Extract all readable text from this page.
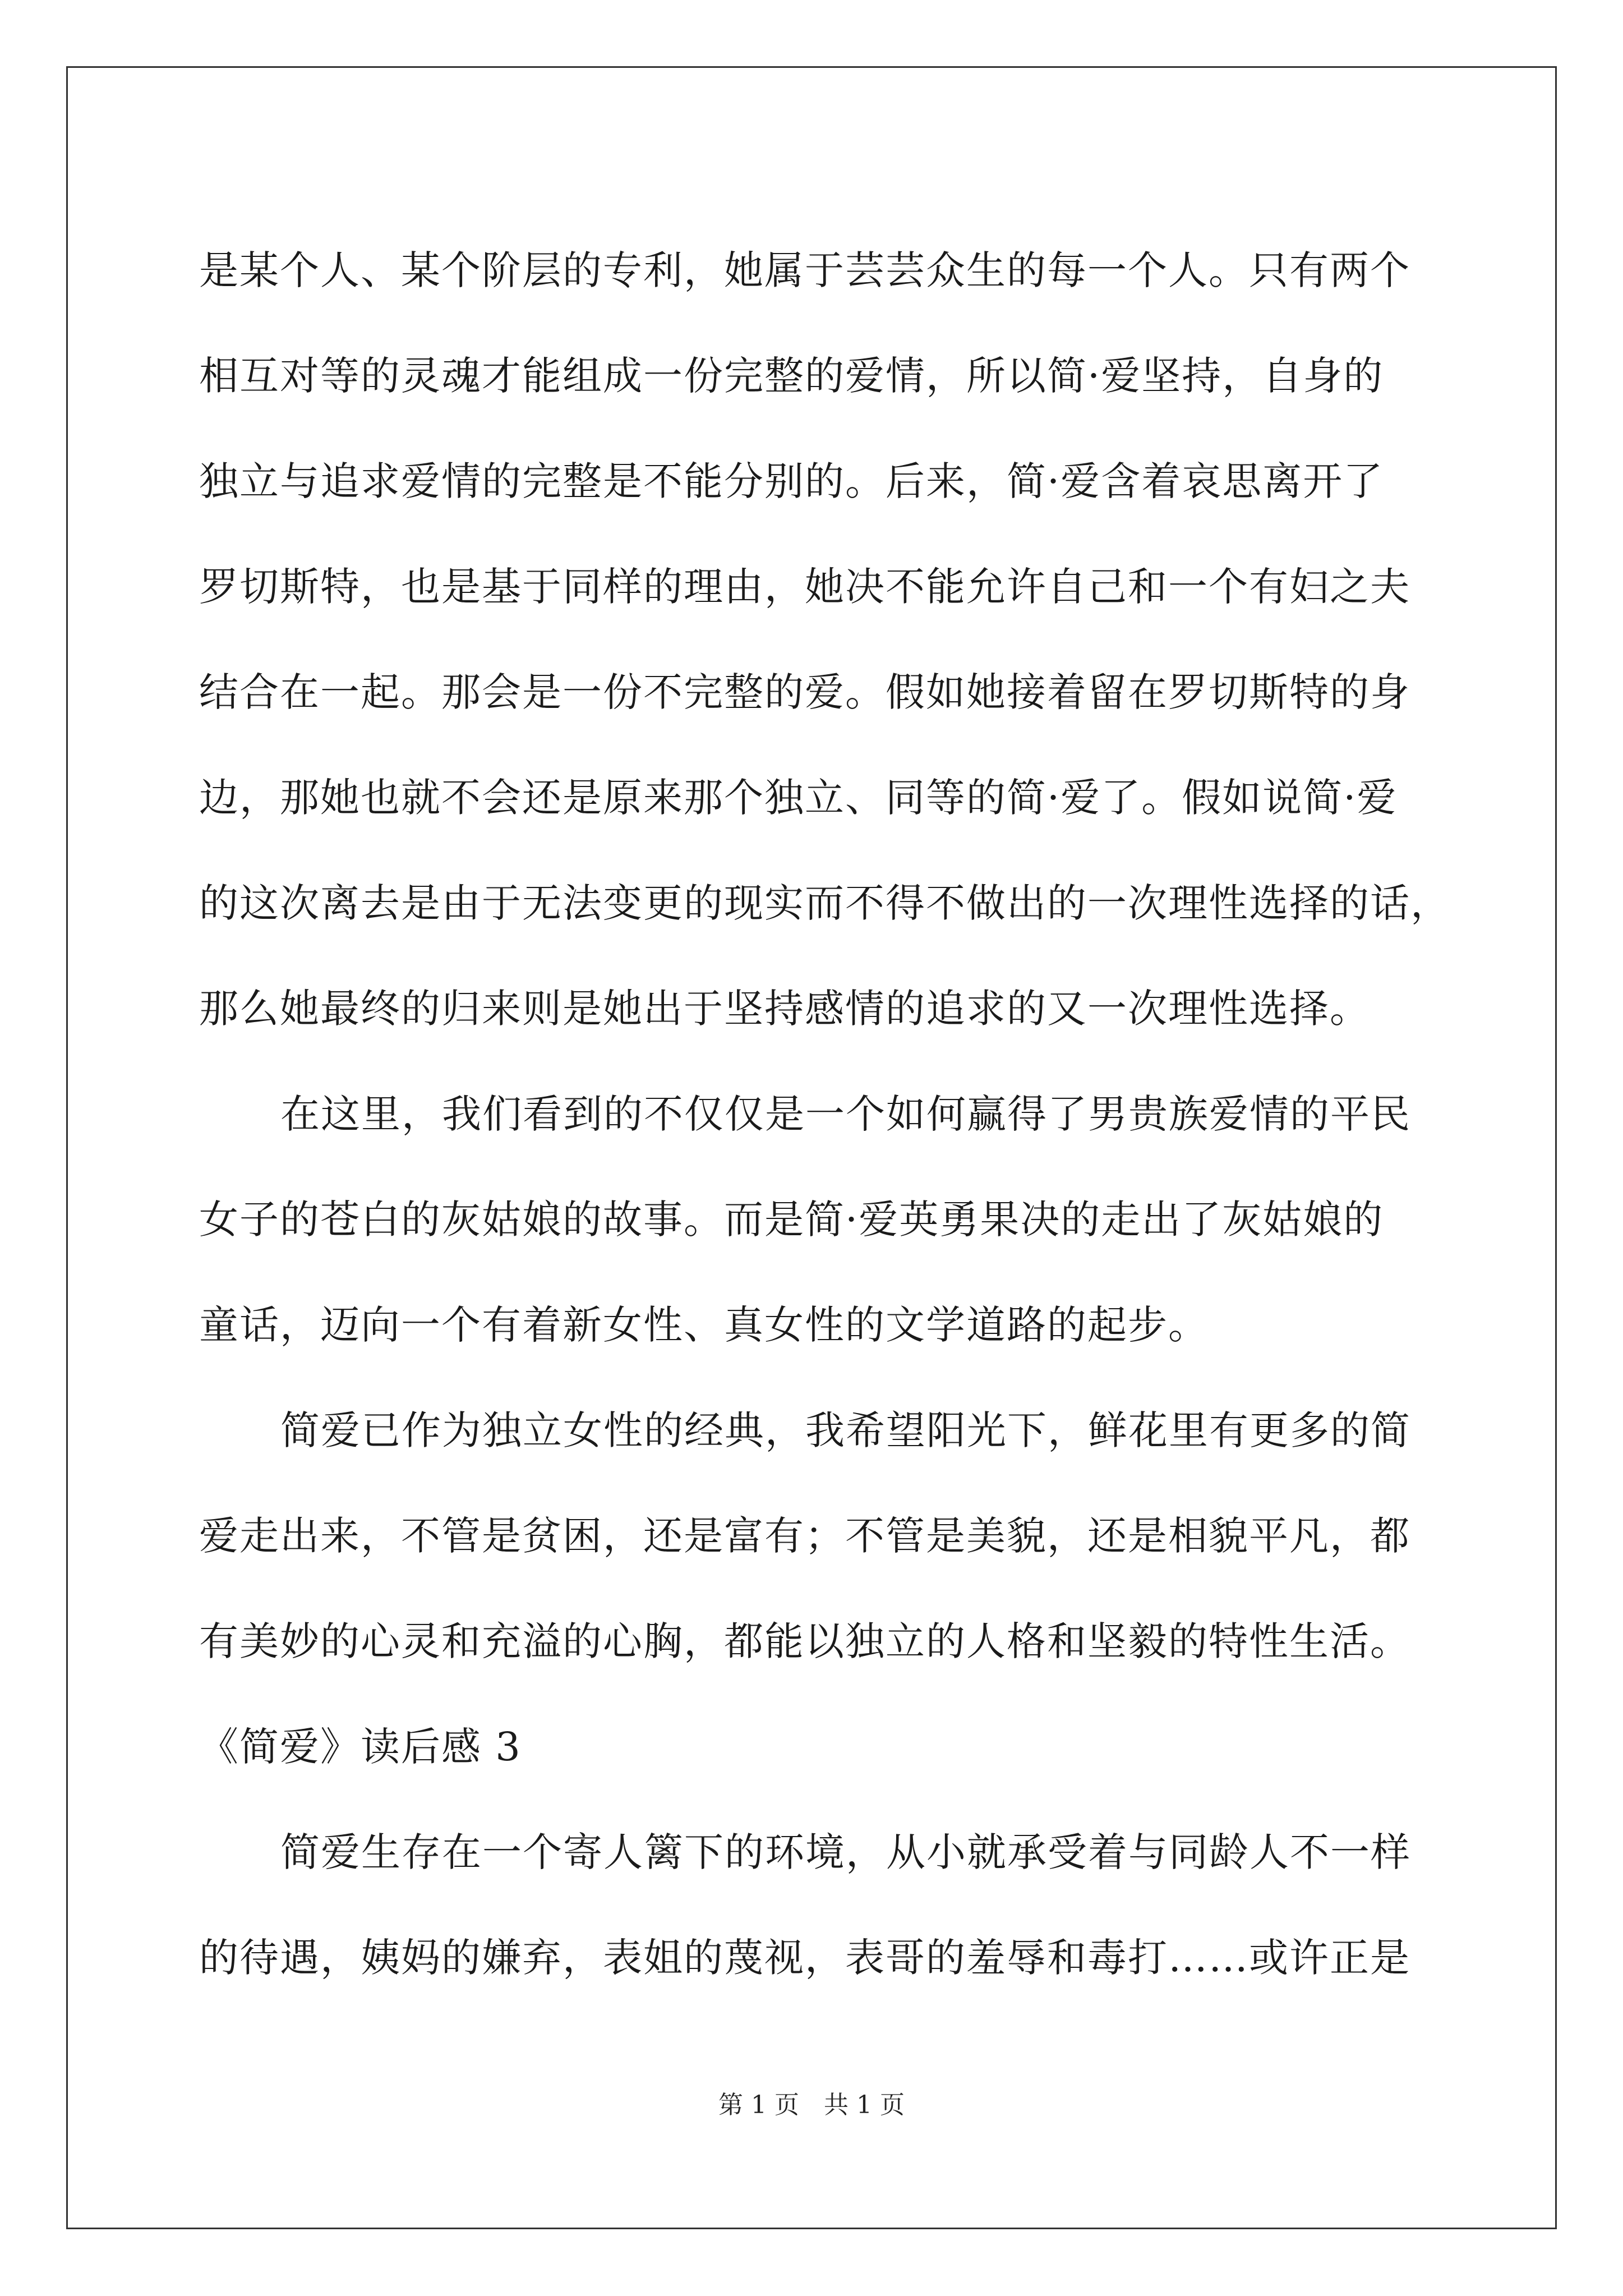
是某个人、某个阶层的专利，她属于芸芸众生的每一个人。只有两个
相互对等的灵魂才能组成一份完整的爱情，所以简·爱坚持，自身的
独立与追求爱情的完整是不能分别的。后来，简·爱含着哀思离开了
罗切斯特，也是基于同样的理由，她决不能允许自己和一个有妇之夫
结合在一起。那会是一份不完整的爱。假如她接着留在罗切斯特的身
边，那她也就不会还是原来那个独立、同等的简·爱了。假如说简·爱
的这次离去是由于无法变更的现实而不得不做出的一次理性选择的话，
那么她最终的归来则是她出于坚持感情的追求的又一次理性选择。
在这里，我们看到的不仅仅是一个如何赢得了男贵族爱情的平民
女子的苍白的灰姑娘的故事。而是简·爱英勇果决的走出了灰姑娘的
童话，迈向一个有着新女性、真女性的文学道路的起步。
简爱已作为独立女性的经典，我希望阳光下，鲜花里有更多的简
爱走出来，不管是贫困，还是富有；不管是美貌，还是相貌平凡，都
有美妙的心灵和充溢的心胸，都能以独立的人格和坚毅的特性生活。
《简爱》读后感 3
简爱生存在一个寄人篱下的环境，从小就承受着与同龄人不一样
的待遇，姨妈的嫌弃，表姐的蔑视，表哥的羞辱和毒打……或许正是
第 1 页　共 1 页
